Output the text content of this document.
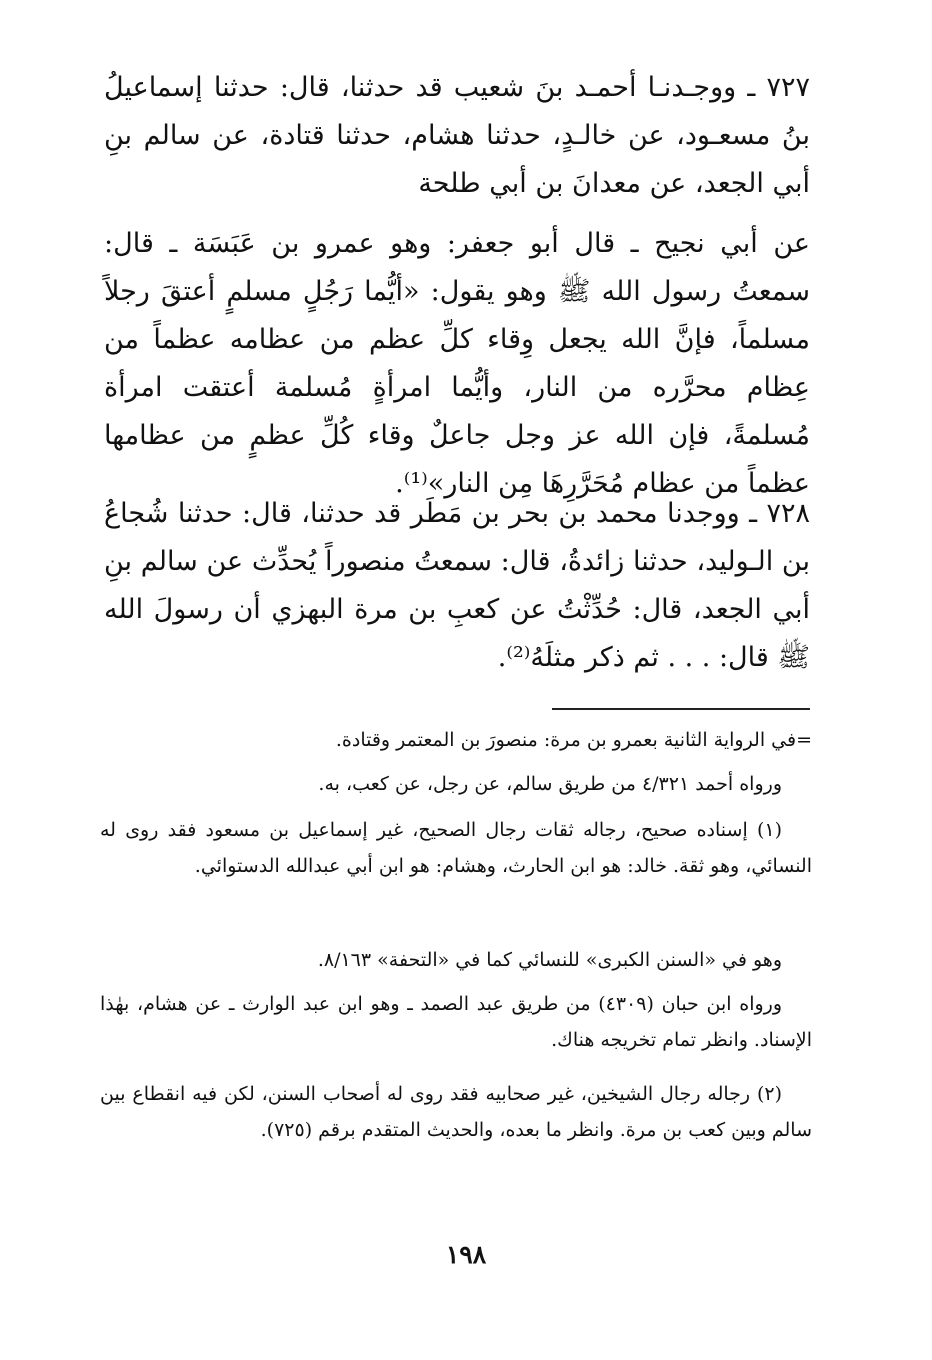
٧٢٧ ـ ووجـدنـا أحمـد بنَ شعيب قد حدثنا، قال: حدثنا إسماعيلُ بنُ مسعـود، عن خالـدٍ، حدثنا هشام، حدثنا قتادة، عن سالم بنِ أبي الجعد، عن معدانَ بن أبي طلحة

عن أبي نجيح ـ قال أبو جعفر: وهو عمرو بن عَبَسَة ـ قال: سمعتُ رسول الله ﷺ وهو يقول: «أيُّما رَجُلٍ مسلمٍ أعتقَ رجلاً مسلماً، فإنَّ الله يجعل وِقاء كلِّ عظم من عظامه عظماً من عِظام محرَّره من النار، وأيُّما امرأةٍ مُسلمة أعتقت امرأة مُسلمةً، فإن الله عز وجل جاعلٌ وقاء كُلِّ عظمٍ من عظامها عظماً من عظام مُحَرَّرِهَا مِن النار»⁽¹⁾.

٧٢٨ ـ ووجدنا محمد بن بحر بن مَطَر قد حدثنا، قال: حدثنا شُجاعُ بن الـوليد، حدثنا زائدةُ، قال: سمعتُ منصوراً يُحدِّث عن سالم بنِ أبي الجعد، قال: حُدِّثْتُ عن كعبِ بن مرة البهزي أن رسولَ الله ﷺ قال: . . . ثم ذكر مثلَهُ⁽²⁾.

=في الرواية الثانية بعمرو بن مرة: منصورَ بن المعتمر وقتادة.

ورواه أحمد ٤/٣٢١ من طريق سالم، عن رجل، عن كعب، به.

(١) إسناده صحيح، رجاله ثقات رجال الصحيح، غير إسماعيل بن مسعود فقد روى له النسائي، وهو ثقة. خالد: هو ابن الحارث، وهشام: هو ابن أبي عبدالله الدستوائي.

وهو في «السنن الكبرى» للنسائي كما في «التحفة» ٨/١٦٣.

ورواه ابن حبان (٤٣٠٩) من طريق عبد الصمد ـ وهو ابن عبد الوارث ـ عن هشام، بهٰذا الإسناد. وانظر تمام تخريجه هناك.

(٢) رجاله رجال الشيخين، غير صحابيه فقد روى له أصحاب السنن، لكن فيه انقطاع بين سالم وبين كعب بن مرة. وانظر ما بعده، والحديث المتقدم برقم (٧٢٥).

١٩٨
